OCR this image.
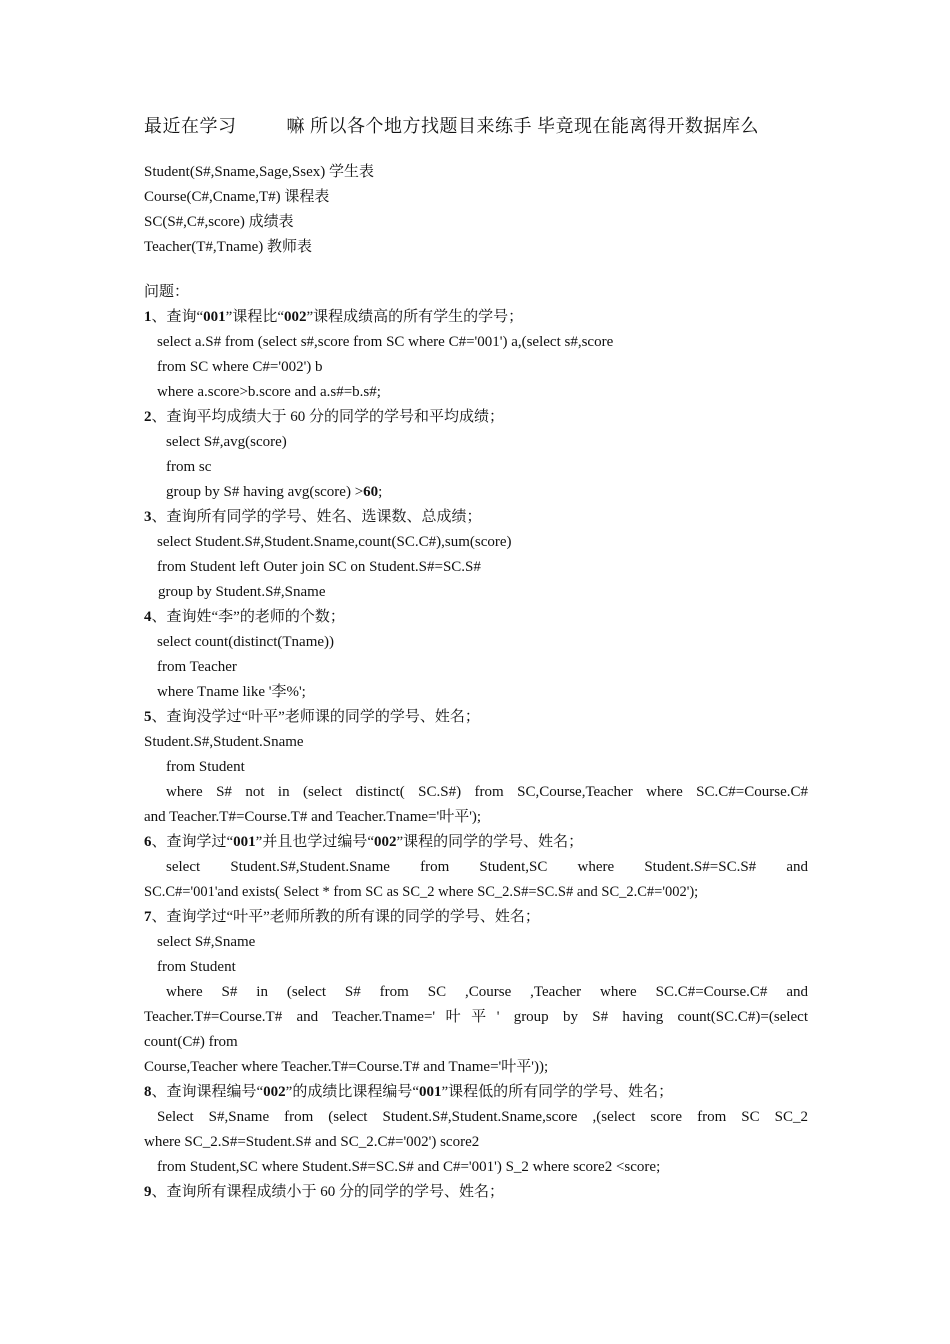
最近在学习	嘛 所以各个地方找题目来练手 毕竟现在能离得开数据库么
Student(S#,Sname,Sage,Ssex) 学生表
Course(C#,Cname,T#) 课程表
SC(S#,C#,score) 成绩表
Teacher(T#,Tname) 教师表
问题：
1、查询“001”课程比“002”课程成绩高的所有学生的学号；
select a.S# from (select s#,score from SC where C#='001') a,(select s#,score
from SC where C#='002') b
where a.score>b.score and a.s#=b.s#;
2、查询平均成绩大于 60 分的同学的学号和平均成绩；
select S#,avg(score)
from sc
group by S# having avg(score) >60;
3、查询所有同学的学号、姓名、选课数、总成绩；
select Student.S#,Student.Sname,count(SC.C#),sum(score)
from Student left Outer join SC on Student.S#=SC.S#
group by Student.S#,Sname
4、查询姓“李”的老师的个数；
select count(distinct(Tname))
from Teacher
where Tname like '李%';
5、查询没学过“叶平”老师课的同学的学号、姓名；
Student.S#,Student.Sname
from Student
where S# not in (select distinct( SC.S#) from SC,Course,Teacher where SC.C#=Course.C#
and Teacher.T#=Course.T# and Teacher.Tname='叶平');
6、查询学过“001”并且也学过编号“002”课程的同学的学号、姓名；
select Student.S#,Student.Sname from Student,SC where Student.S#=SC.S# and
SC.C#='001'and exists( Select * from SC as SC_2 where SC_2.S#=SC.S# and SC_2.C#='002');
7、查询学过“叶平”老师所教的所有课的同学的学号、姓名；
select S#,Sname
from Student
where S# in (select S# from SC ,Course ,Teacher where SC.C#=Course.C# and
Teacher.T#=Course.T# and Teacher.Tname='叶平' group by S# having count(SC.C#)=(select
count(C#) from
Course,Teacher where Teacher.T#=Course.T# and Tname='叶平'));
8、查询课程编号“002”的成绩比课程编号“001”课程低的所有同学的学号、姓名；
Select S#,Sname from (select Student.S#,Student.Sname,score ,(select score from SC SC_2
where SC_2.S#=Student.S# and SC_2.C#='002') score2
from Student,SC where Student.S#=SC.S# and C#='001') S_2 where score2 <score;
9、查询所有课程成绩小于 60 分的同学的学号、姓名；
